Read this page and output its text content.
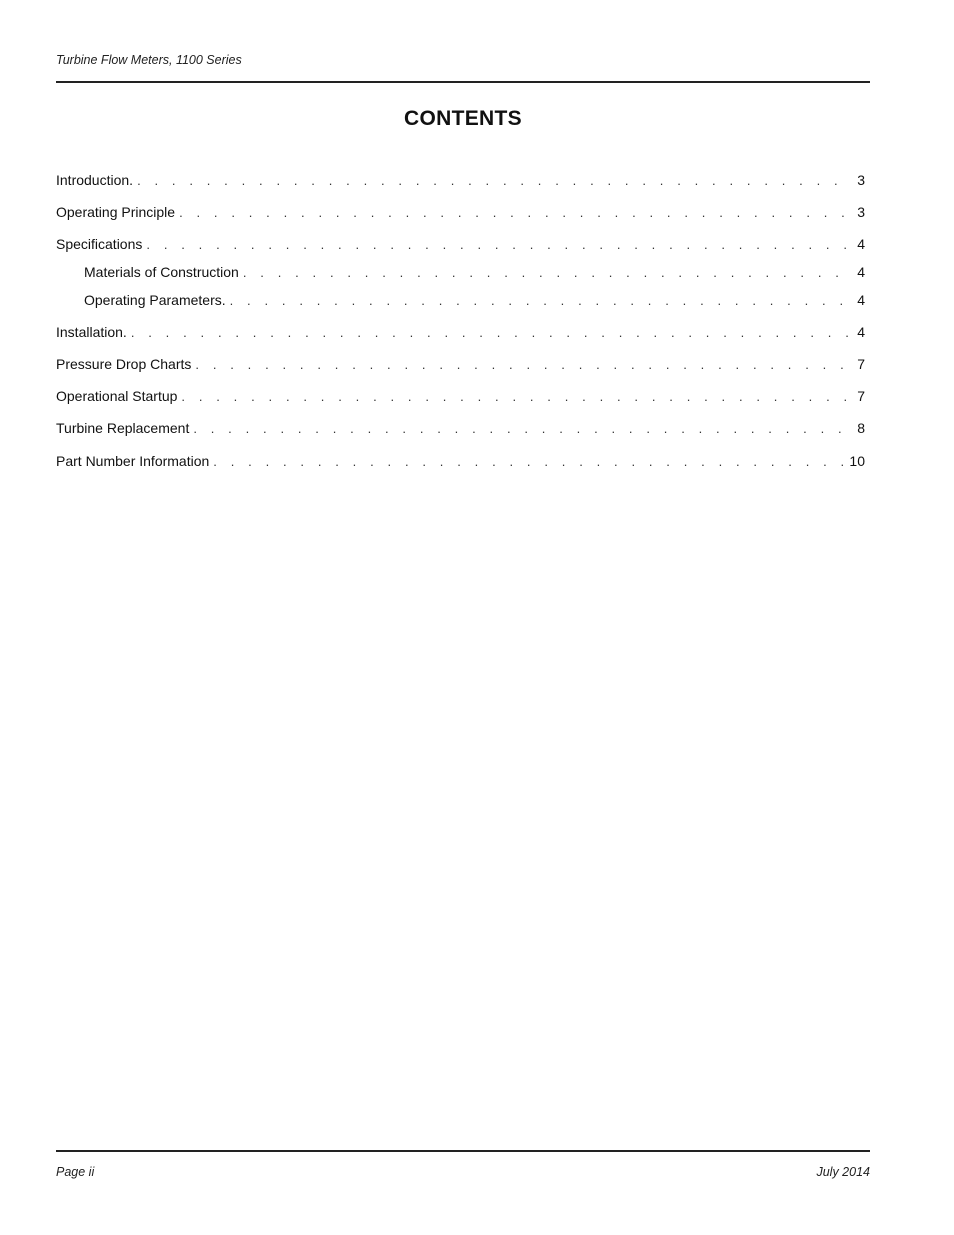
Turbine Flow Meters, 1100 Series
CONTENTS
Introduction. . . .	3
Operating Principle . . .	3
Specifications . . .	4
Materials of Construction . . .	4
Operating Parameters. . . .	4
Installation. . . .	4
Pressure Drop Charts . . .	7
Operational Startup . . .	7
Turbine Replacement . . .	8
Part Number Information . . .	10
Page ii	July 2014
